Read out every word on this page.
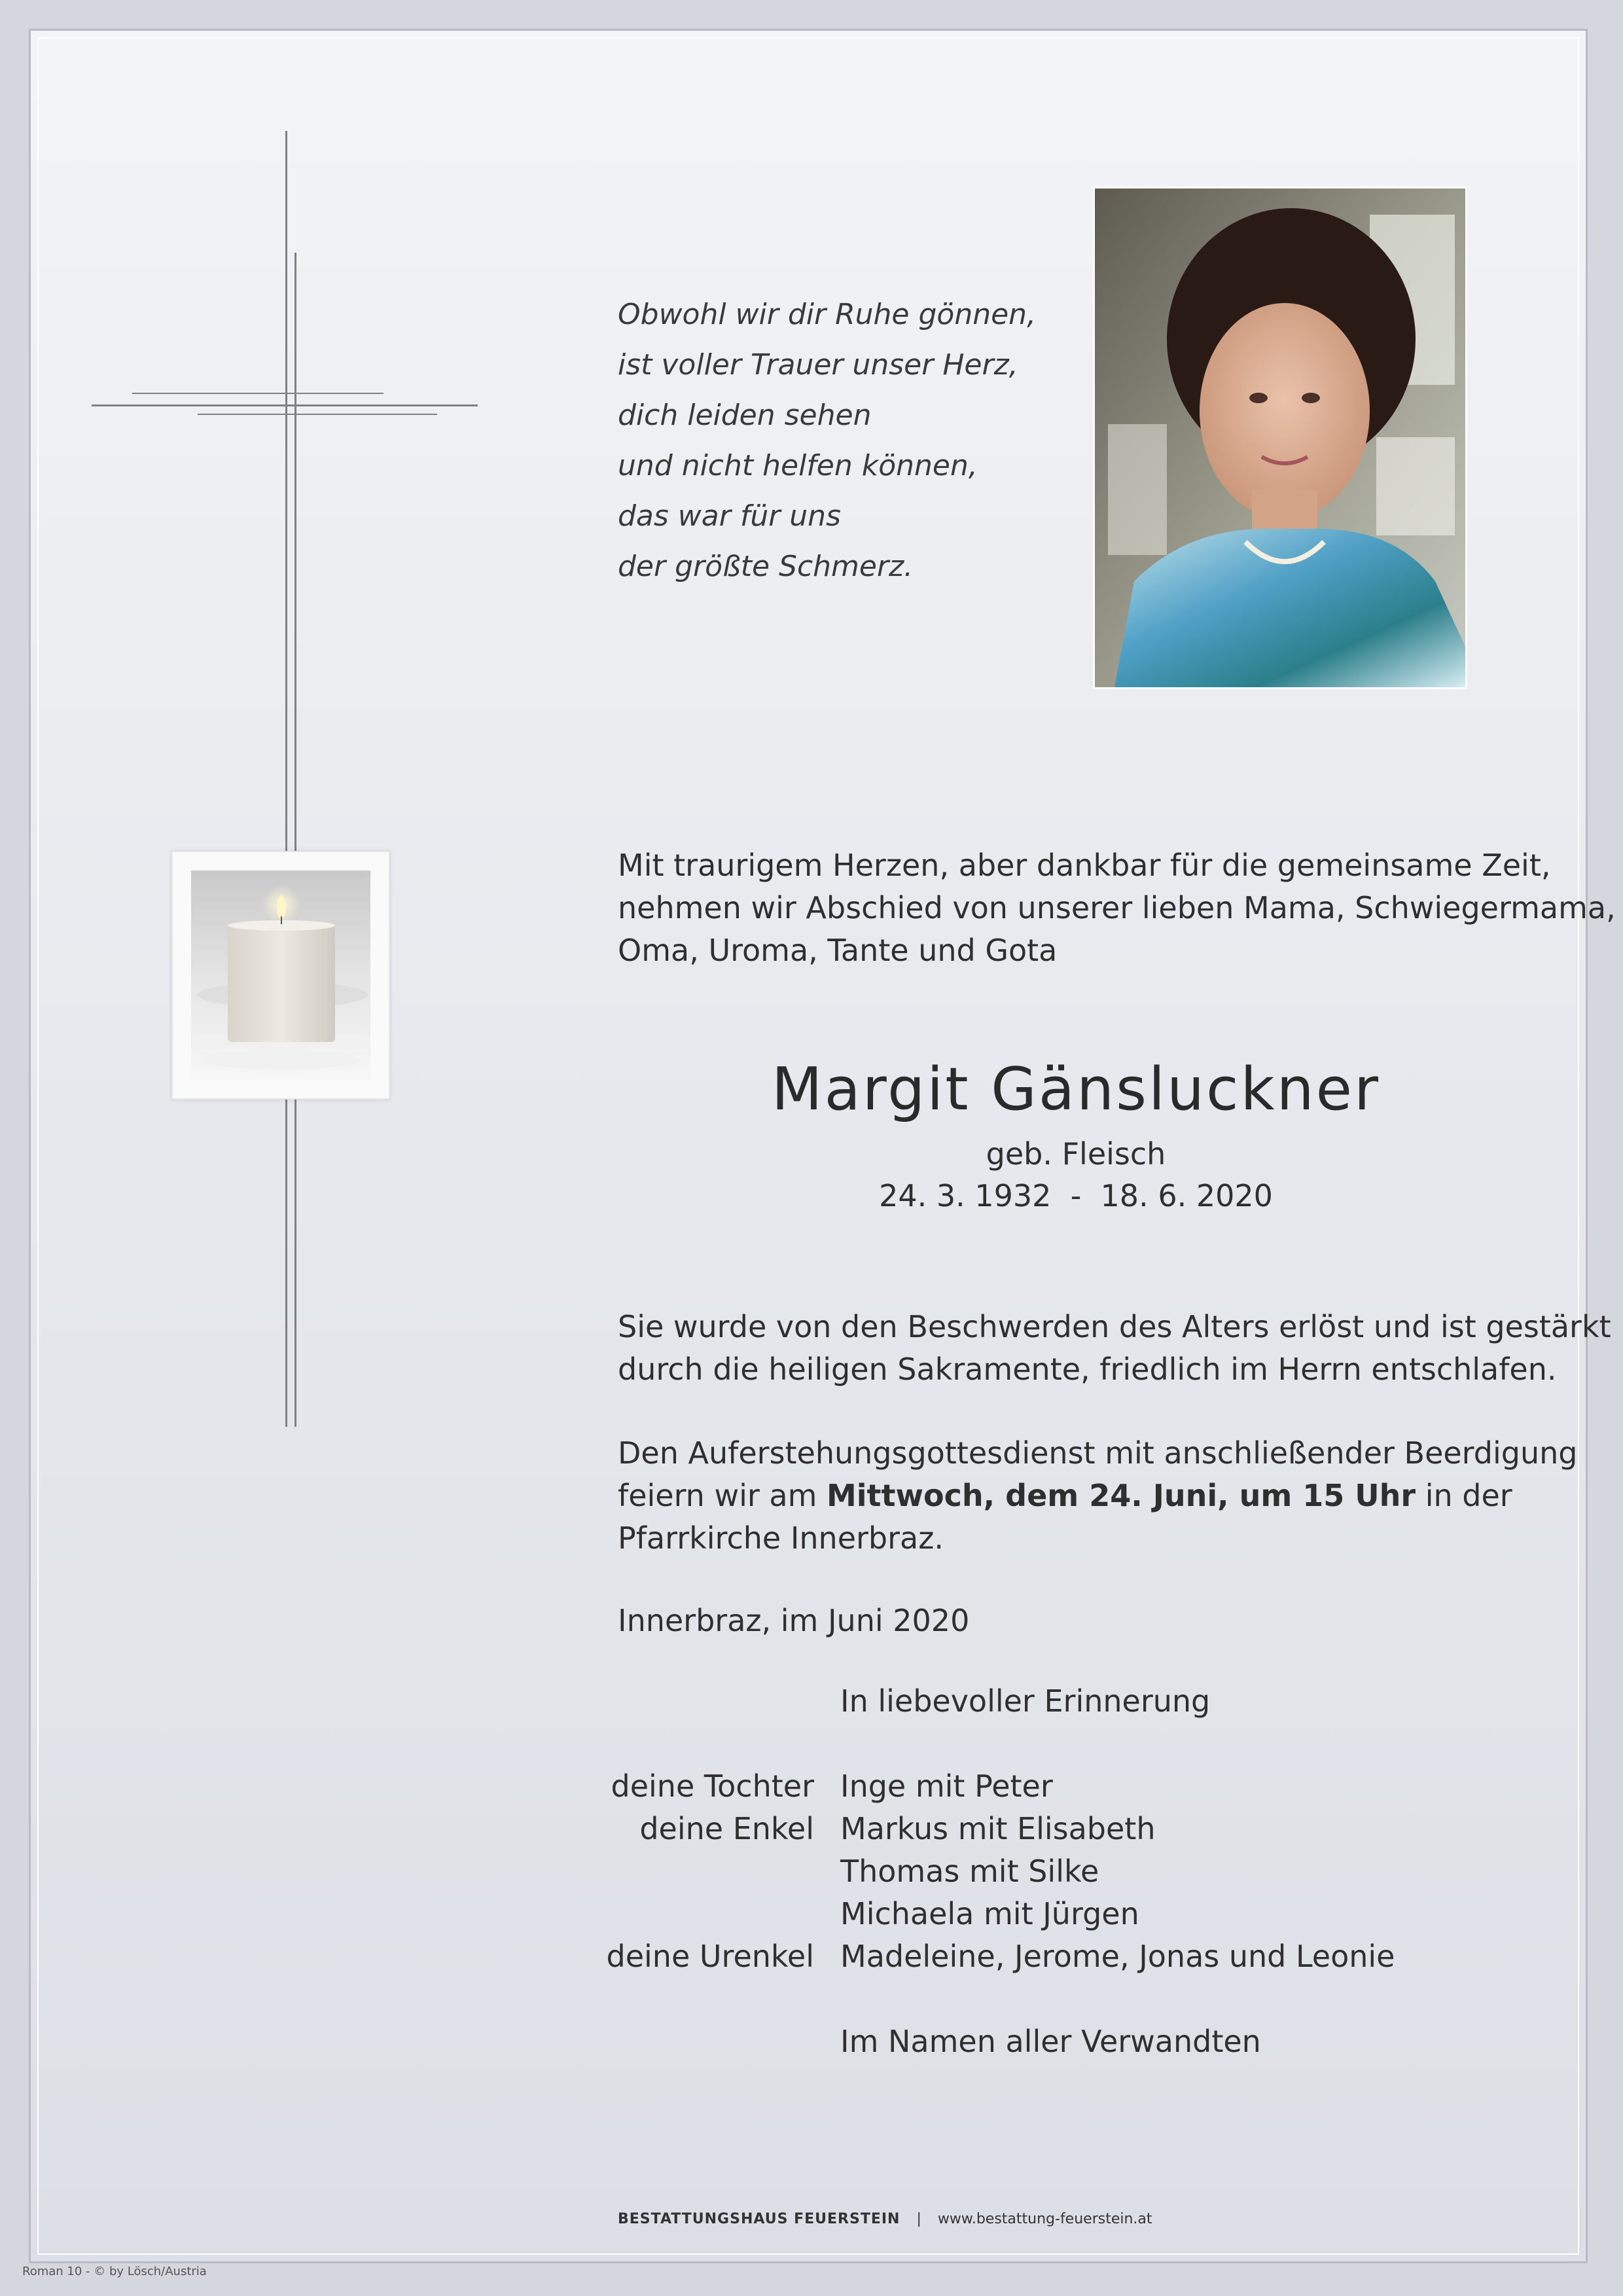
Obwohl wir dir Ruhe gönnen,
ist voller Trauer unser Herz,
dich leiden sehen
und nicht helfen können,
das war für uns
der größte Schmerz.
Mit traurigem Herzen, aber dankbar für die gemeinsame Zeit,
nehmen wir Abschied von unserer lieben Mama, Schwiegermama,
Oma, Uroma, Tante und Gota
Margit Gänsluckner
geb. Fleisch
24. 3. 1932  -  18. 6. 2020
Sie wurde von den Beschwerden des Alters erlöst und ist gestärkt
durch die heiligen Sakramente, friedlich im Herrn entschlafen.
Den Auferstehungsgottesdienst mit anschließender Beerdigung
feiern wir am Mittwoch, dem 24. Juni, um 15 Uhr in der
Pfarrkirche Innerbraz.
Innerbraz, im Juni 2020
In liebevoller Erinnerung
deine Tochter Inge mit Peter
deine Enkel Markus mit Elisabeth
Thomas mit Silke
Michaela mit Jürgen
deine Urenkel Madeleine, Jerome, Jonas und Leonie
Im Namen aller Verwandten
BESTATTUNGSHAUS FEUERSTEIN | www.bestattung-feuerstein.at
Roman 10 - © by Lösch/Austria
